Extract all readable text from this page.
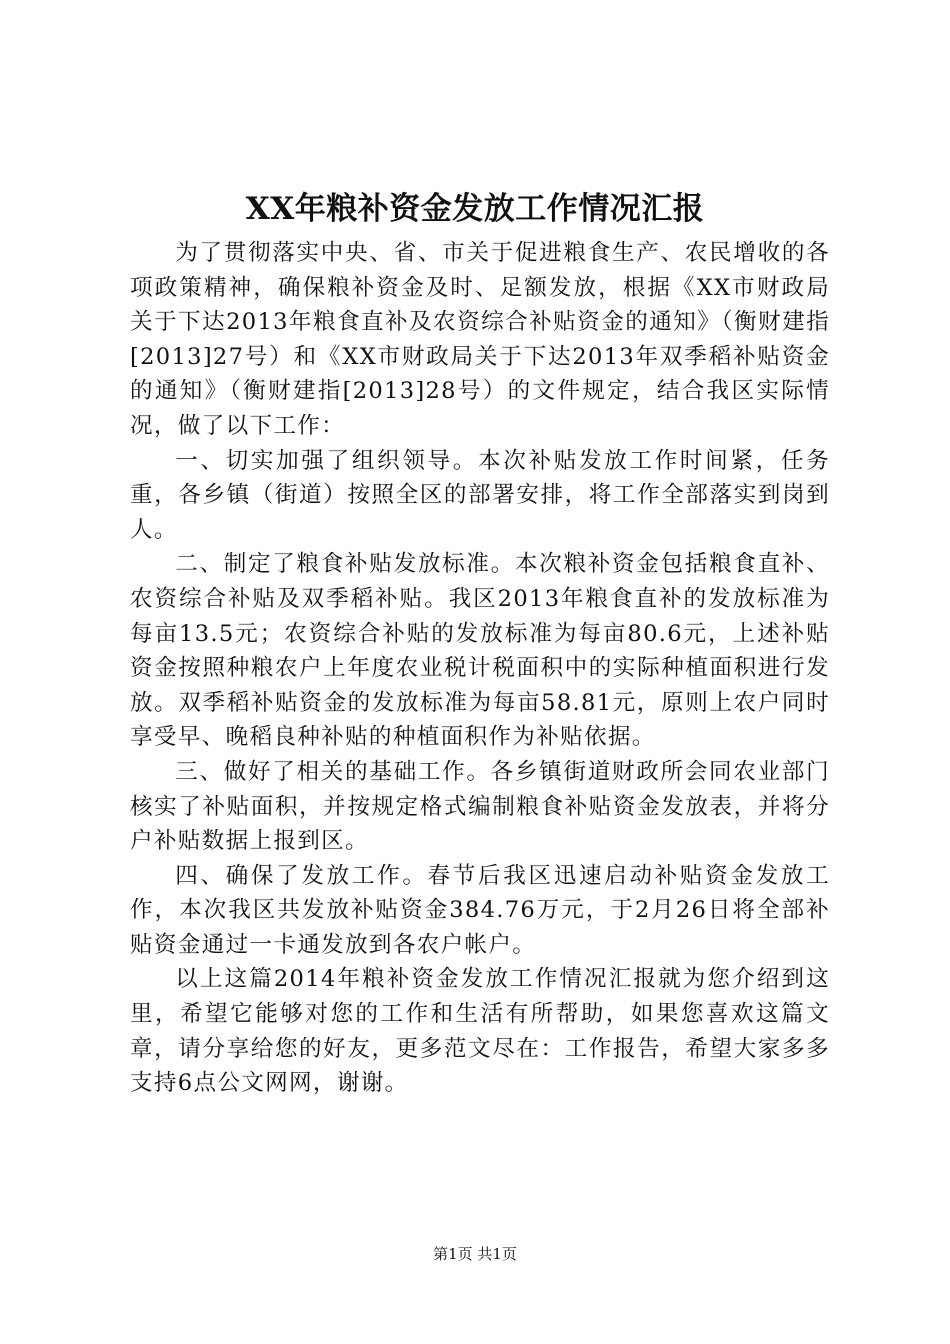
XX年粮补资金发放工作情况汇报

为了贯彻落实中央、省、市关于促进粮食生产、农民增收的各项政策精神，确保粮补资金及时、足额发放，根据《XX市财政局关于下达2013年粮食直补及农资综合补贴资金的通知》（衡财建指[2013]27号）和《XX市财政局关于下达2013年双季稻补贴资金的通知》（衡财建指[2013]28号）的文件规定，结合我区实际情况，做了以下工作：

一、切实加强了组织领导。本次补贴发放工作时间紧，任务重，各乡镇（街道）按照全区的部署安排，将工作全部落实到岗到人。

二、制定了粮食补贴发放标准。本次粮补资金包括粮食直补、农资综合补贴及双季稻补贴。我区2013年粮食直补的发放标准为每亩13.5元；农资综合补贴的发放标准为每亩80.6元，上述补贴资金按照种粮农户上年度农业税计税面积中的实际种植面积进行发放。双季稻补贴资金的发放标准为每亩58.81元，原则上农户同时享受早、晚稻良种补贴的种植面积作为补贴依据。

三、做好了相关的基础工作。各乡镇街道财政所会同农业部门核实了补贴面积，并按规定格式编制粮食补贴资金发放表，并将分户补贴数据上报到区。

四、确保了发放工作。春节后我区迅速启动补贴资金发放工作，本次我区共发放补贴资金384.76万元，于2月26日将全部补贴资金通过一卡通发放到各农户帐户。

以上这篇2014年粮补资金发放工作情况汇报就为您介绍到这里，希望它能够对您的工作和生活有所帮助，如果您喜欢这篇文章，请分享给您的好友，更多范文尽在：工作报告，希望大家多多支持6点公文网网，谢谢。

第1页 共1页
